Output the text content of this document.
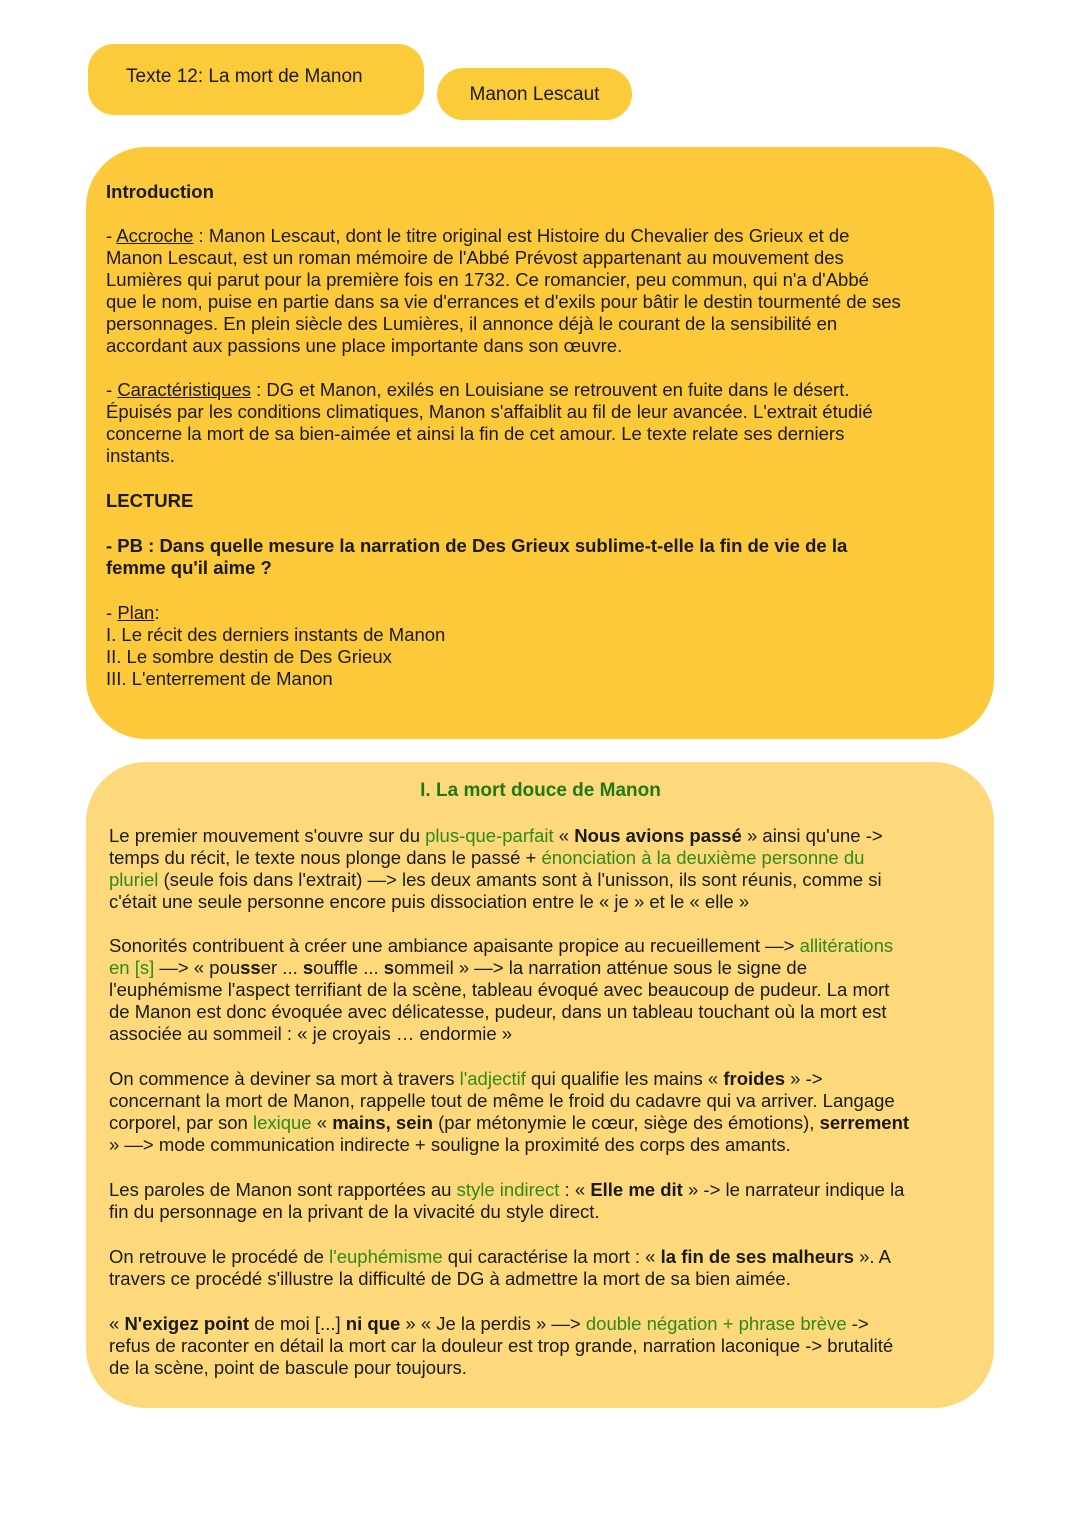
Texte 12: La mort de Manon
Manon Lescaut

Introduction

- Accroche : Manon Lescaut, dont le titre original est Histoire du Chevalier des Grieux et de

Manon Lescaut, est un roman mémoire de l'Abbé Prévost appartenant au mouvement des

Lumières qui parut pour la première fois en 1732. Ce romancier, peu commun, qui n'a d'Abbé

que le nom, puise en partie dans sa vie d'errances et d'exils pour bâtir le destin tourmenté de ses

personnages. En plein siècle des Lumières, il annonce déjà le courant de la sensibilité en

accordant aux passions une place importante dans son œuvre.

- Caractéristiques : DG et Manon, exilés en Louisiane se retrouvent en fuite dans le désert.

Épuisés par les conditions climatiques, Manon s'affaiblit au fil de leur avancée. L'extrait étudié

concerne la mort de sa bien-aimée et ainsi la fin de cet amour. Le texte relate ses derniers

instants.

LECTURE

- PB : Dans quelle mesure la narration de Des Grieux sublime-t-elle la fin de vie de la

femme qu'il aime ?

- Plan:

I. Le récit des derniers instants de Manon

II. Le sombre destin de Des Grieux

III. L'enterrement de Manon

I. La mort douce de Manon

Le premier mouvement s'ouvre sur du plus-que-parfait « Nous avions passé » ainsi qu'une ->

temps du récit, le texte nous plonge dans le passé + énonciation à la deuxième personne du

pluriel (seule fois dans l'extrait) —> les deux amants sont à l'unisson, ils sont réunis, comme si

c'était une seule personne encore puis dissociation entre le « je » et le « elle »

Sonorités contribuent à créer une ambiance apaisante propice au recueillement —> allitérations

en [s] —> « pousser ... souffle ... sommeil » —> la narration atténue sous le signe de

l'euphémisme l'aspect terrifiant de la scène, tableau évoqué avec beaucoup de pudeur. La mort

de Manon est donc évoquée avec délicatesse, pudeur, dans un tableau touchant où la mort est

associée au sommeil : « je croyais … endormie »

On commence à deviner sa mort à travers l'adjectif qui qualifie les mains « froides » ->

concernant la mort de Manon, rappelle tout de même le froid du cadavre qui va arriver. Langage

corporel, par son lexique « mains, sein (par métonymie le cœur, siège des émotions), serrement

» —> mode communication indirecte + souligne la proximité des corps des amants.

Les paroles de Manon sont rapportées au style indirect : « Elle me dit » -> le narrateur indique la

fin du personnage en la privant de la vivacité du style direct.

On retrouve le procédé de l'euphémisme qui caractérise la mort : « la fin de ses malheurs ». A

travers ce procédé s'illustre la difficulté de DG à admettre la mort de sa bien aimée.

« N'exigez point de moi [...] ni que » « Je la perdis » —> double négation + phrase brève ->

refus de raconter en détail la mort car la douleur est trop grande, narration laconique -> brutalité

de la scène, point de bascule pour toujours.
